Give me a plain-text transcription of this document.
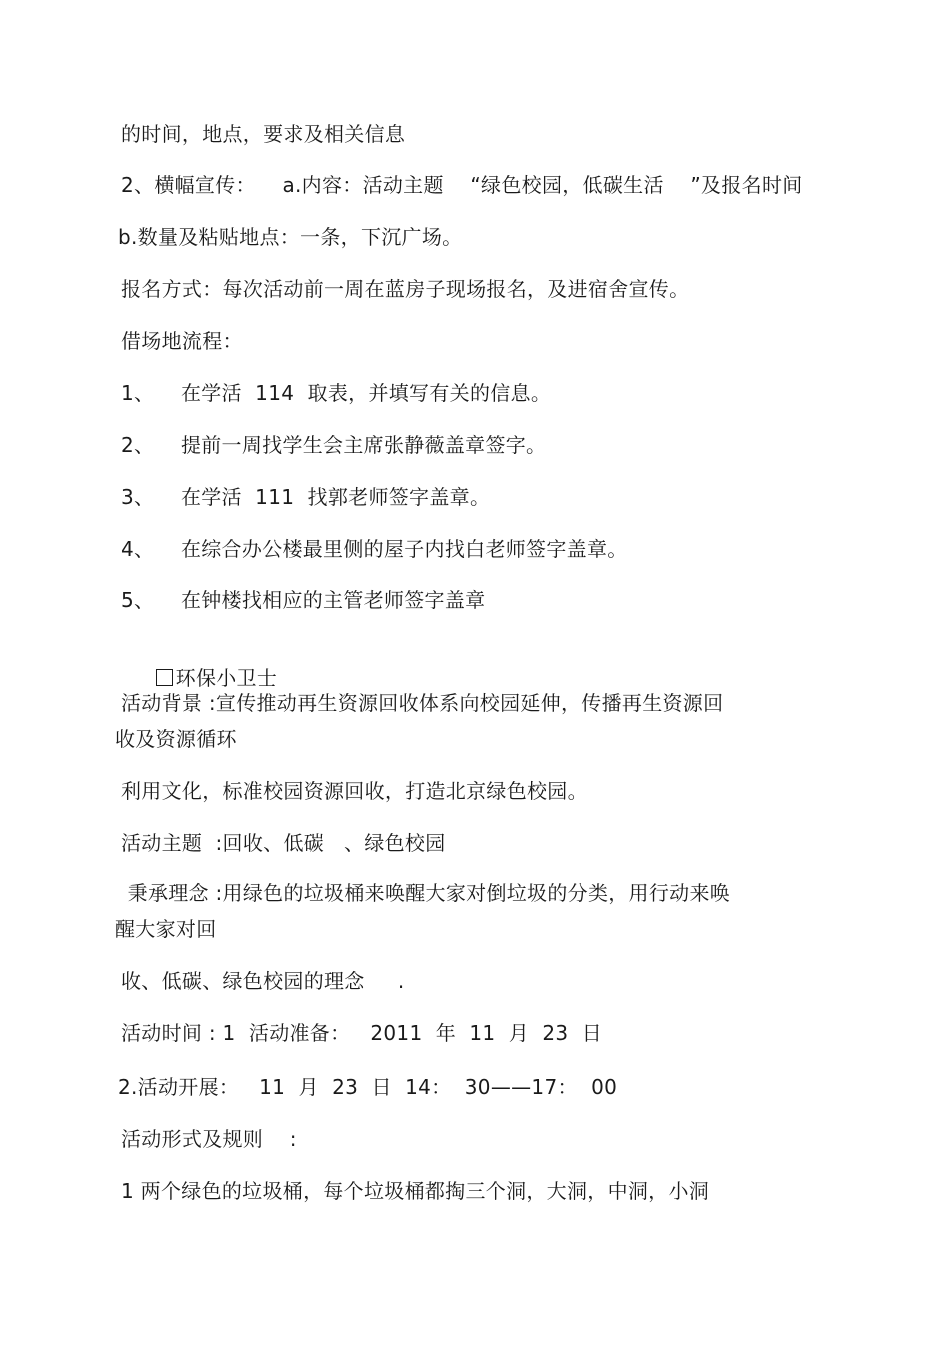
的时间，地点，要求及相关信息
2、横幅宣传：    a.内容：活动主题    “绿色校园，低碳生活    ”及报名时间
b.数量及粘贴地点：一条，下沉广场。
报名方式：每次活动前一周在蓝房子现场报名，及进宿舍宣传。
借场地流程：
1、    在学活  114  取表，并填写有关的信息。
2、    提前一周找学生会主席张静薇盖章签字。
3、    在学活  111  找郭老师签字盖章。
4、    在综合办公楼最里侧的屋子内找白老师签字盖章。
5、    在钟楼找相应的主管老师签字盖章

环保小卫士

活动背景 :宣传推动再生资源回收体系向校园延伸，传播再生资源回
收及资源循环
利用文化，标准校园资源回收，打造北京绿色校园。
活动主题  :回收、低碳   、绿色校园
秉承理念 :用绿色的垃圾桶来唤醒大家对倒垃圾的分类，用行动来唤
醒大家对回
收、低碳、绿色校园的理念     .
活动时间 : 1  活动准备：   2011  年  11  月  23  日
2.活动开展：   11  月  23  日  14：  30——17：  00
活动形式及规则    :
1 两个绿色的垃圾桶，每个垃圾桶都掏三个洞，大洞，中洞，小洞
